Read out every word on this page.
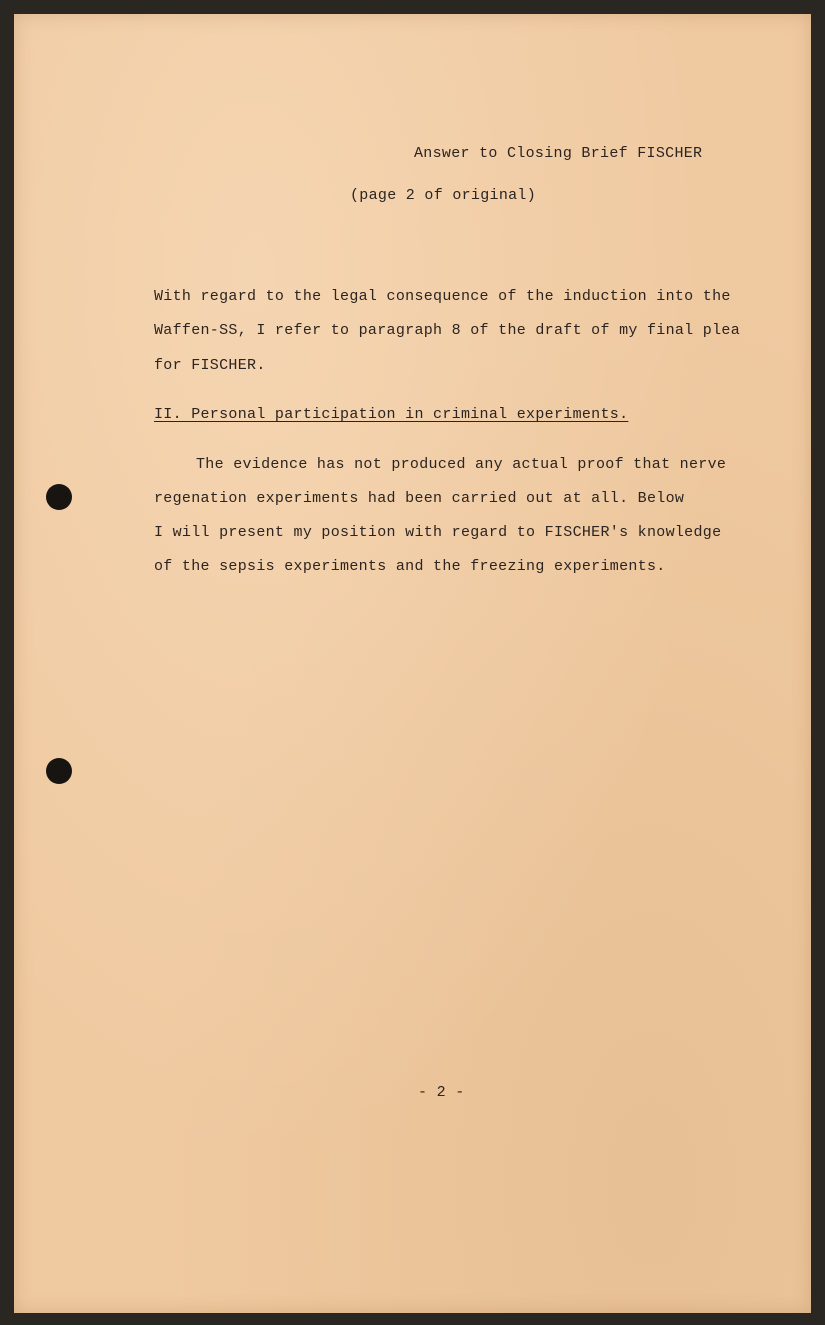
Answer to Closing Brief FISCHER
(page 2 of original)
With regard to the legal consequence of the induction into the
Waffen-SS, I refer to paragraph 8 of the draft of my final plea
for FISCHER.
II. Personal participation in criminal experiments.
The evidence has not produced any actual proof that nerve
regenation experiments had been carried out at all. Below
I will present my position with regard to FISCHER's knowledge
of the sepsis experiments and the freezing experiments.
- 2 -
